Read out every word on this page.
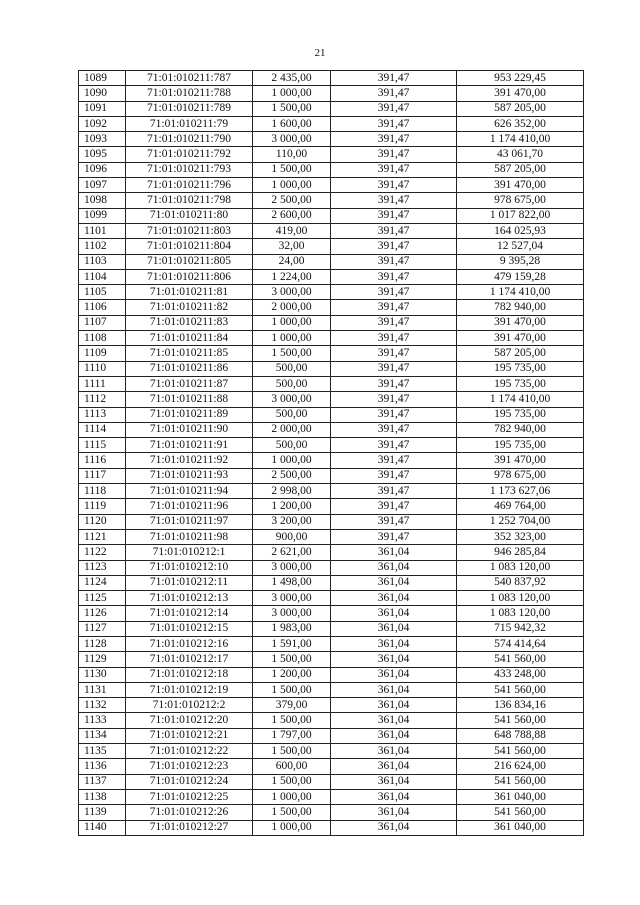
21
1089	71:01:010211:787	2 435,00	391,47	953 229,45
1090	71:01:010211:788	1 000,00	391,47	391 470,00
1091	71:01:010211:789	1 500,00	391,47	587 205,00
1092	71:01:010211:79	1 600,00	391,47	626 352,00
1093	71:01:010211:790	3 000,00	391,47	1 174 410,00
1095	71:01:010211:792	110,00	391,47	43 061,70
1096	71:01:010211:793	1 500,00	391,47	587 205,00
1097	71:01:010211:796	1 000,00	391,47	391 470,00
1098	71:01:010211:798	2 500,00	391,47	978 675,00
1099	71:01:010211:80	2 600,00	391,47	1 017 822,00
1101	71:01:010211:803	419,00	391,47	164 025,93
1102	71:01:010211:804	32,00	391,47	12 527,04
1103	71:01:010211:805	24,00	391,47	9 395,28
1104	71:01:010211:806	1 224,00	391,47	479 159,28
1105	71:01:010211:81	3 000,00	391,47	1 174 410,00
1106	71:01:010211:82	2 000,00	391,47	782 940,00
1107	71:01:010211:83	1 000,00	391,47	391 470,00
1108	71:01:010211:84	1 000,00	391,47	391 470,00
1109	71:01:010211:85	1 500,00	391,47	587 205,00
1110	71:01:010211:86	500,00	391,47	195 735,00
1111	71:01:010211:87	500,00	391,47	195 735,00
1112	71:01:010211:88	3 000,00	391,47	1 174 410,00
1113	71:01:010211:89	500,00	391,47	195 735,00
1114	71:01:010211:90	2 000,00	391,47	782 940,00
1115	71:01:010211:91	500,00	391,47	195 735,00
1116	71:01:010211:92	1 000,00	391,47	391 470,00
1117	71:01:010211:93	2 500,00	391,47	978 675,00
1118	71:01:010211:94	2 998,00	391,47	1 173 627,06
1119	71:01:010211:96	1 200,00	391,47	469 764,00
1120	71:01:010211:97	3 200,00	391,47	1 252 704,00
1121	71:01:010211:98	900,00	391,47	352 323,00
1122	71:01:010212:1	2 621,00	361,04	946 285,84
1123	71:01:010212:10	3 000,00	361,04	1 083 120,00
1124	71:01:010212:11	1 498,00	361,04	540 837,92
1125	71:01:010212:13	3 000,00	361,04	1 083 120,00
1126	71:01:010212:14	3 000,00	361,04	1 083 120,00
1127	71:01:010212:15	1 983,00	361,04	715 942,32
1128	71:01:010212:16	1 591,00	361,04	574 414,64
1129	71:01:010212:17	1 500,00	361,04	541 560,00
1130	71:01:010212:18	1 200,00	361,04	433 248,00
1131	71:01:010212:19	1 500,00	361,04	541 560,00
1132	71:01:010212:2	379,00	361,04	136 834,16
1133	71:01:010212:20	1 500,00	361,04	541 560,00
1134	71:01:010212:21	1 797,00	361,04	648 788,88
1135	71:01:010212:22	1 500,00	361,04	541 560,00
1136	71:01:010212:23	600,00	361,04	216 624,00
1137	71:01:010212:24	1 500,00	361,04	541 560,00
1138	71:01:010212:25	1 000,00	361,04	361 040,00
1139	71:01:010212:26	1 500,00	361,04	541 560,00
1140	71:01:010212:27	1 000,00	361,04	361 040,00
